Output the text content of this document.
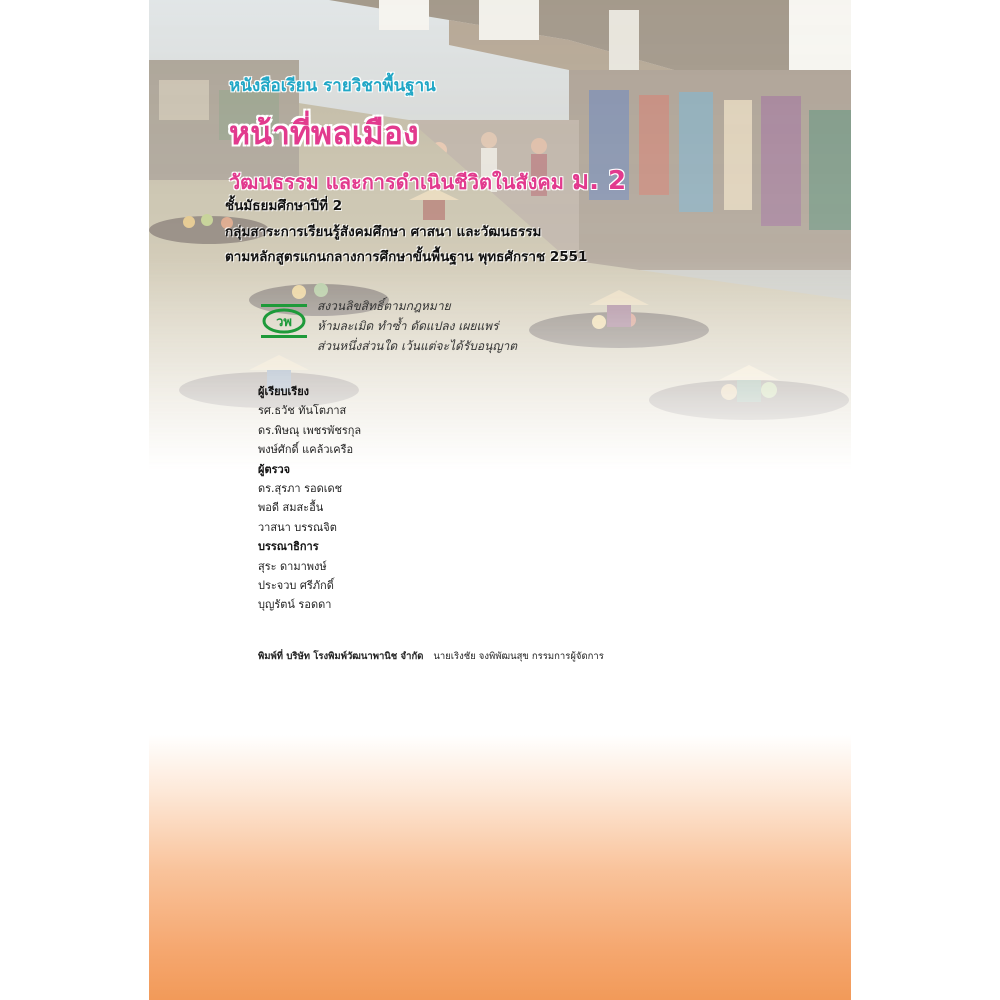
หนังสือเรียน รายวิชาพื้นฐาน
หน้าที่พลเมือง
วัฒนธรรม และการดำเนินชีวิตในสังคม ม. 2
ชั้นมัธยมศึกษาปีที่ 2
กลุ่มสาระการเรียนรู้สังคมศึกษา ศาสนา และวัฒนธรรม
ตามหลักสูตรแกนกลางการศึกษาขั้นพื้นฐาน พุทธศักราช 2551
วพ
สงวนลิขสิทธิ์ตามกฎหมาย
ห้ามละเมิด ทำซ้ำ ดัดแปลง เผยแพร่
ส่วนหนึ่งส่วนใด เว้นแต่จะได้รับอนุญาต
ผู้เรียบเรียง
รศ.ธวัช ทันโตภาส
ดร.พิษณุ เพชรพัชรกุล
พงษ์ศักดิ์ แคล้วเครือ
ผู้ตรวจ
ดร.สุรภา รอดเดช
พอดี สมสะอื้น
วาสนา บรรณจิต
บรรณาธิการ
สุระ ดามาพงษ์
ประจวบ ศรีภักดิ์
บุญรัตน์ รอดดา
พิมพ์ที่ บริษัท โรงพิมพ์วัฒนาพานิช จำกัด นายเริงชัย จงพิพัฒนสุข กรรมการผู้จัดการ
